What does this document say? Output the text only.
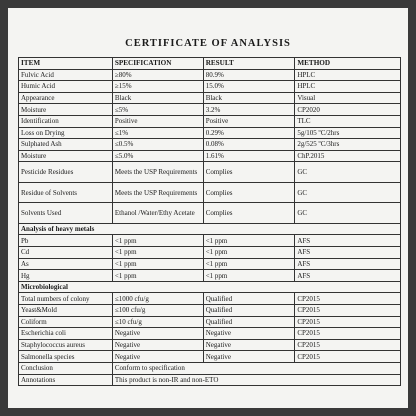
CERTIFICATE OF ANALYSIS
ITEM	SPECIFICATION	RESULT	METHOD
Fulvic Acid	≥80%	80.9%	HPLC
Humic Acid	≥15%	15.0%	HPLC
Appearance	Black	Black	Visual
Moisture	≤5%	3.2%	CP2020
Identification	Positive	Positive	TLC
Loss on Drying	≤1%	0.29%	5g/105 ºC/2hrs
Sulphated Ash	≤0.5%	0.08%	2g/525 ºC/3hrs
Moisture	≤5.0%	1.61%	ChP.2015
Pesticide Residues	Meets the USP Requirements	Complies	GC
Residue of Solvents	Meets the USP Requirements	Complies	GC
Solvents Used	Ethanol /Water/Ethy Acetate	Complies	GC
Analysis of heavy metals			
Pb	<1 ppm	<1 ppm	AFS
Cd	<1 ppm	<1 ppm	AFS
As	<1 ppm	<1 ppm	AFS
Hg	<1 ppm	<1 ppm	AFS
Microbiological			
Total numbers of colony	≤1000 cfu/g	Qualified	CP2015
Yeast&Mold	≤100 cfu/g	Qualified	CP2015
Coliform	≤10 cfu/g	Qualified	CP2015
Escherichia coli	Negative	Negative	CP2015
Staphylococcus aureus	Negative	Negative	CP2015
Salmonella species	Negative	Negative	CP2015
Conclusion	Conform to specification		
Annotations	This product is non-IR and non-ETO		
